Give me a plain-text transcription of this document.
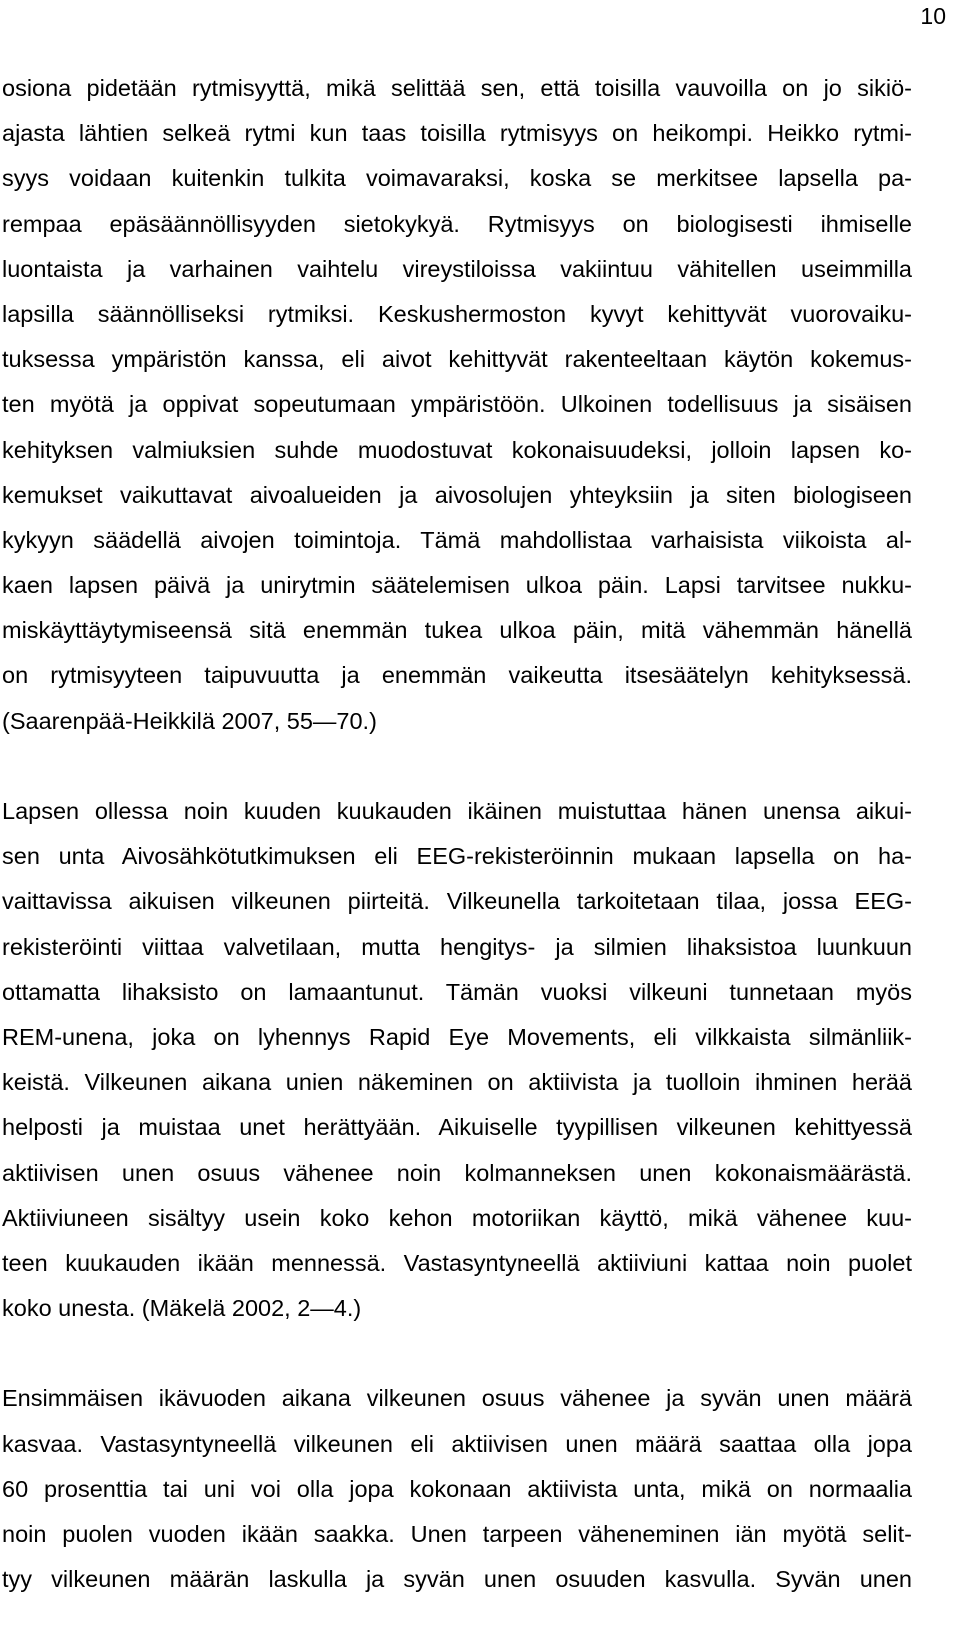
10
osiona pidetään rytmisyyttä, mikä selittää sen, että toisilla vauvoilla on jo sikiö-
ajasta lähtien selkeä rytmi kun taas toisilla rytmisyys on heikompi. Heikko rytmi-
syys voidaan kuitenkin tulkita voimavaraksi, koska se merkitsee lapsella pa-
rempaa epäsäännöllisyyden sietokykyä. Rytmisyys on biologisesti ihmiselle
luontaista ja varhainen vaihtelu vireystiloissa vakiintuu vähitellen useimmilla
lapsilla säännölliseksi rytmiksi. Keskushermoston kyvyt kehittyvät vuorovaiku-
tuksessa ympäristön kanssa, eli aivot kehittyvät rakenteeltaan käytön kokemus-
ten myötä ja oppivat sopeutumaan ympäristöön. Ulkoinen todellisuus ja sisäisen
kehityksen valmiuksien suhde muodostuvat kokonaisuudeksi, jolloin lapsen ko-
kemukset vaikuttavat aivoalueiden ja aivosolujen yhteyksiin ja siten biologiseen
kykyyn säädellä aivojen toimintoja. Tämä mahdollistaa varhaisista viikoista al-
kaen lapsen päivä ja unirytmin säätelemisen ulkoa päin. Lapsi tarvitsee nukku-
miskäyttäytymiseensä sitä enemmän tukea ulkoa päin, mitä vähemmän hänellä
on rytmisyyteen taipuvuutta ja enemmän vaikeutta itsesäätelyn kehityksessä.
(Saarenpää-Heikkilä 2007, 55—70.)
Lapsen ollessa noin kuuden kuukauden ikäinen muistuttaa hänen unensa aikui-
sen unta Aivosähkötutkimuksen eli EEG-rekisteröinnin mukaan lapsella on ha-
vaittavissa aikuisen vilkeunen piirteitä. Vilkeunella tarkoitetaan tilaa, jossa EEG-
rekisteröinti viittaa valvetilaan, mutta hengitys- ja silmien lihaksistoa luunkuun
ottamatta lihaksisto on lamaantunut. Tämän vuoksi vilkeuni tunnetaan myös
REM-unena, joka on lyhennys Rapid Eye Movements, eli vilkkaista silmänliik-
keistä. Vilkeunen aikana unien näkeminen on aktiivista ja tuolloin ihminen herää
helposti ja muistaa unet herättyään. Aikuiselle tyypillisen vilkeunen kehittyessä
aktiivisen unen osuus vähenee noin kolmanneksen unen kokonaismäärästä.
Aktiiviuneen sisältyy usein koko kehon motoriikan käyttö, mikä vähenee kuu-
teen kuukauden ikään mennessä. Vastasyntyneellä aktiiviuni kattaa noin puolet
koko unesta. (Mäkelä 2002, 2—4.)
Ensimmäisen ikävuoden aikana vilkeunen osuus vähenee ja syvän unen määrä
kasvaa. Vastasyntyneellä vilkeunen eli aktiivisen unen määrä saattaa olla jopa
60 prosenttia tai uni voi olla jopa kokonaan aktiivista unta, mikä on normaalia
noin puolen vuoden ikään saakka. Unen tarpeen väheneminen iän myötä selit-
tyy vilkeunen määrän laskulla ja syvän unen osuuden kasvulla. Syvän unen
